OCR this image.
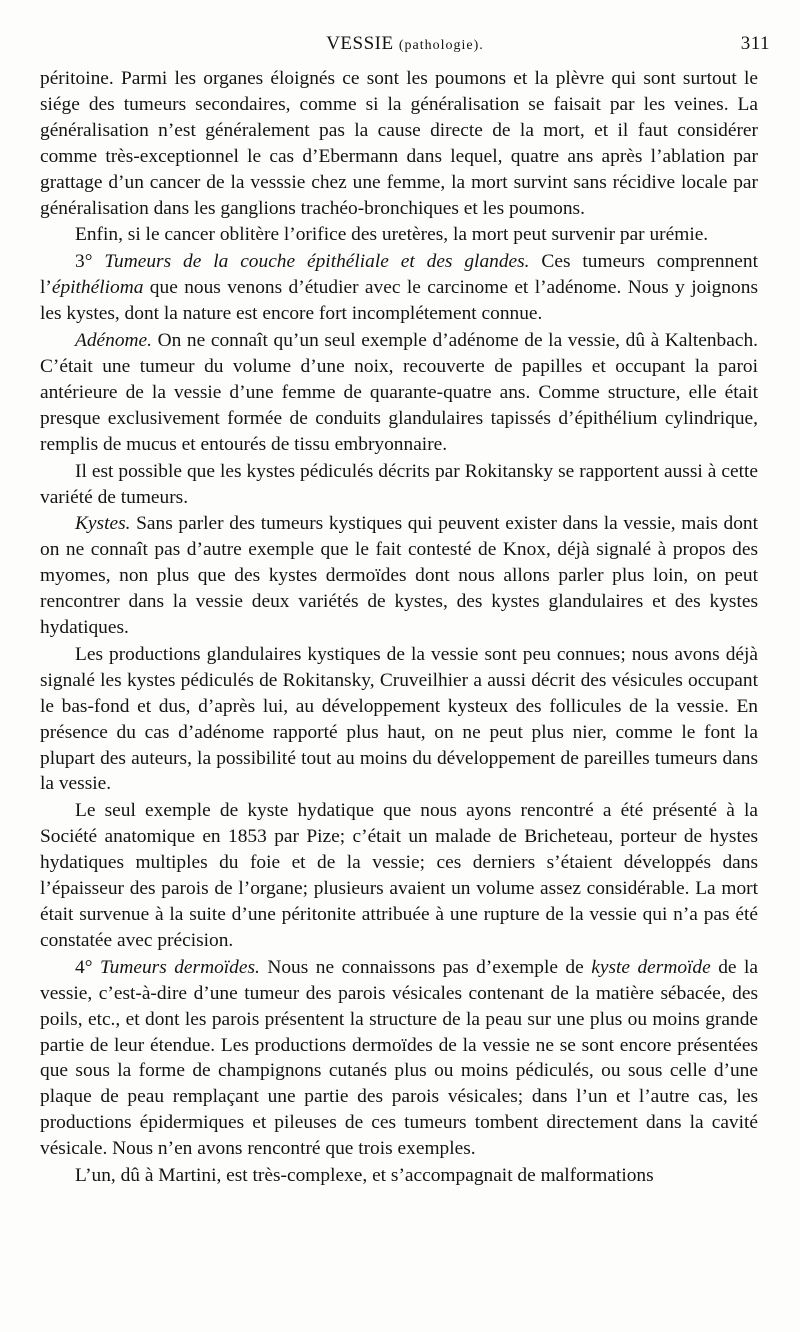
VESSIE (pathologie).	311

péritoine. Parmi les organes éloignés ce sont les poumons et la plèvre qui sont surtout le siége des tumeurs secondaires, comme si la généralisation se faisait par les veines. La généralisation n’est généralement pas la cause directe de la mort, et il faut considérer comme très-exceptionnel le cas d’Ebermann dans lequel, quatre ans après l’ablation par grattage d’un cancer de la vesssie chez une femme, la mort survint sans récidive locale par généralisation dans les ganglions trachéo-bronchiques et les poumons.

Enfin, si le cancer oblitère l’orifice des uretères, la mort peut survenir par urémie.

3° Tumeurs de la couche épithéliale et des glandes. Ces tumeurs comprennent l’épithélioma que nous venons d’étudier avec le carcinome et l’adénome. Nous y joignons les kystes, dont la nature est encore fort incomplétement connue.

Adénome. On ne connaît qu’un seul exemple d’adénome de la vessie, dû à Kaltenbach. C’était une tumeur du volume d’une noix, recouverte de papilles et occupant la paroi antérieure de la vessie d’une femme de quarante-quatre ans. Comme structure, elle était presque exclusivement formée de conduits glandulaires tapissés d’épithélium cylindrique, remplis de mucus et entourés de tissu embryonnaire.

Il est possible que les kystes pédiculés décrits par Rokitansky se rapportent aussi à cette variété de tumeurs.

Kystes. Sans parler des tumeurs kystiques qui peuvent exister dans la vessie, mais dont on ne connaît pas d’autre exemple que le fait contesté de Knox, déjà signalé à propos des myomes, non plus que des kystes dermoïdes dont nous allons parler plus loin, on peut rencontrer dans la vessie deux variétés de kystes, des kystes glandulaires et des kystes hydatiques.

Les productions glandulaires kystiques de la vessie sont peu connues; nous avons déjà signalé les kystes pédiculés de Rokitansky, Cruveilhier a aussi décrit des vésicules occupant le bas-fond et dus, d’après lui, au développement kysteux des follicules de la vessie. En présence du cas d’adénome rapporté plus haut, on ne peut plus nier, comme le font la plupart des auteurs, la possibilité tout au moins du développement de pareilles tumeurs dans la vessie.

Le seul exemple de kyste hydatique que nous ayons rencontré a été présenté à la Société anatomique en 1853 par Pize; c’était un malade de Bricheteau, porteur de hystes hydatiques multiples du foie et de la vessie; ces derniers s’étaient développés dans l’épaisseur des parois de l’organe; plusieurs avaient un volume assez considérable. La mort était survenue à la suite d’une péritonite attribuée à une rupture de la vessie qui n’a pas été constatée avec précision.

4° Tumeurs dermoïdes. Nous ne connaissons pas d’exemple de kyste dermoïde de la vessie, c’est-à-dire d’une tumeur des parois vésicales contenant de la matière sébacée, des poils, etc., et dont les parois présentent la structure de la peau sur une plus ou moins grande partie de leur étendue. Les productions dermoïdes de la vessie ne se sont encore présentées que sous la forme de champignons cutanés plus ou moins pédiculés, ou sous celle d’une plaque de peau remplaçant une partie des parois vésicales; dans l’un et l’autre cas, les productions épidermiques et pileuses de ces tumeurs tombent directement dans la cavité vésicale. Nous n’en avons rencontré que trois exemples.

L’un, dû à Martini, est très-complexe, et s’accompagnait de malformations
